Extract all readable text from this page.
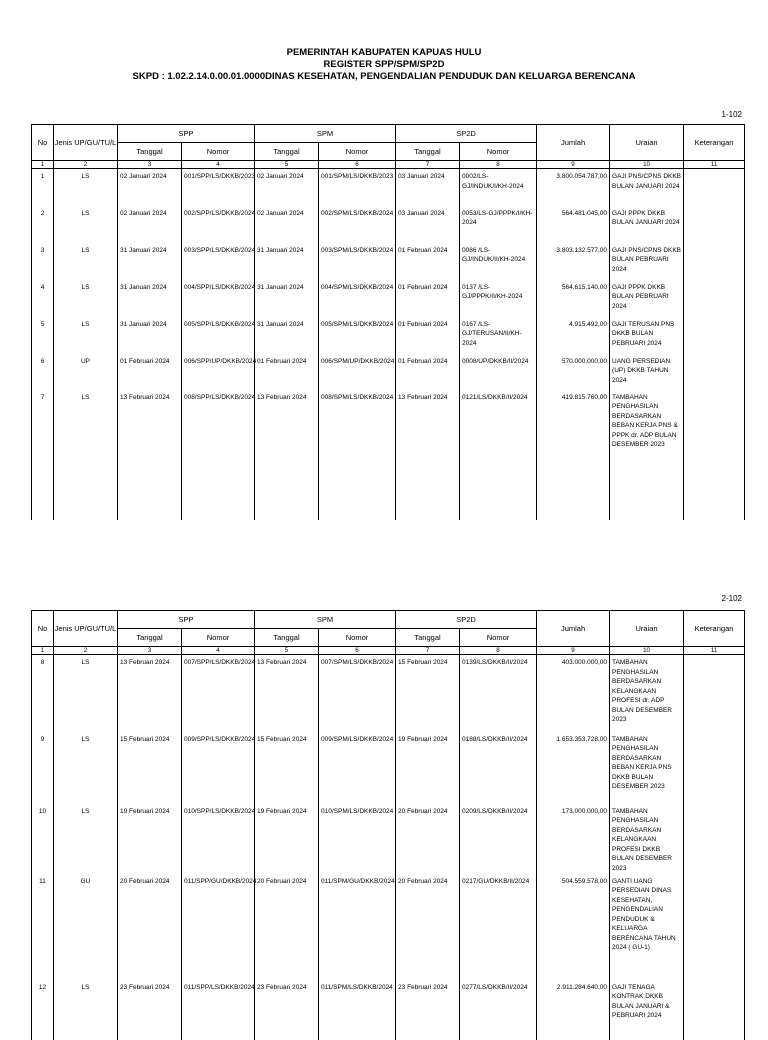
PEMERINTAH KABUPATEN KAPUAS HULU
REGISTER SPP/SPM/SP2D
SKPD : 1.02.2.14.0.00.01.0000DINAS KESEHATAN, PENGENDALIAN PENDUDUK DAN KELUARGA BERENCANA
1-102
No	Jenis UP/GU/TU/L	SPP		SPM		SP2D		Jumlah	Uraian	Keterangan
		Tanggal	Nomor	Tanggal	Nomor	Tanggal	Nomor			
1	2	3	4	5	6	7	8	9	10	11
1	LS	02 Januari 2024	001/SPP/LS/DKKB/2023	02 Januari 2024	001/SPM/LS/DKKB/2023	03 Januari 2024	0002/LS-GJ/INDUK/I/KH-2024	3.800.054.787,00	GAJI PNS/CPNS DKKB BULAN JANUARI 2024	
2	LS	02 Januari 2024	002/SPP/LS/DKKB/2024	02 Januari 2024	002/SPM/LS/DKKB/2024	03 Januari 2024	0053/LS-GJ/PPPK/I/KH-2024	564.481.045,00	GAJI PPPK DKKB BULAN JANUARI 2024	
3	LS	31 Januari 2024	003/SPP/LS/DKKB/2024	31 Januari 2024	003/SPM/LS/DKKB/2024	01 Februari 2024	0086 /LS-GJ/INDUK/II/KH-2024	3.803.132.577,00	GAJI PNS/CPNS DKKB BULAN PEBRUARI 2024	
4	LS	31 Januari 2024	004/SPP/LS/DKKB/2024	31 Januari 2024	004/SPM/LS/DKKB/2024	01 Februari 2024	0137 /LS-GJ/PPPK/II/KH-2024	564.615.140,00	GAJI PPPK DKKB BULAN PEBRUARI 2024	
5	LS	31 Januari 2024	005/SPP/LS/DKKB/2024	31 Januari 2024	005/SPM/LS/DKKB/2024	01 Februari 2024	0167 /LS-GJ/TERUSAN/II/KH-2024	4.915.492,00	GAJI TERUSAN PNS DKKB BULAN PEBRUARI 2024	
6	UP	01 Februari 2024	006/SPP/UP/DKKB/2024	01 Februari 2024	006/SPM/UP/DKKB/2024	01 Februari 2024	0008/UP/DKKB/II/2024	570.000.000,00	UANG PERSEDIAN (UP) DKKB TAHUN 2024	
7	LS	13 Februari 2024	008/SPP/LS/DKKB/2024	13 Februari 2024	008/SPM/LS/DKKB/2024	13 Februari 2024	0121/LS/DKKB/II/2024	419.815.760,00	TAMBAHAN PENGHASILAN BERDASARKAN BEBAN KERJA PNS & PPPK dr. ADP BULAN DESEMBER 2023	
2-102
No	Jenis UP/GU/TU/L	SPP		SPM		SP2D		Jumlah	Uraian	Keterangan
		Tanggal	Nomor	Tanggal	Nomor	Tanggal	Nomor			
1	2	3	4	5	6	7	8	9	10	11
8	LS	13 Februari 2024	007/SPP/LS/DKKB/2024	13 Februari 2024	007/SPM/LS/DKKB/2024	15 Februari 2024	0139/LS/DKKB/II/2024	403.000.000,00	TAMBAHAN PENGHASILAN BERDASARKAN KELANGKAAN PROFESI dr. ADP BULAN DESEMBER 2023	
9	LS	15 Februari 2024	009/SPP/LS/DKKB/2024	15 Februari 2024	009/SPM/LS/DKKB/2024	19 Februari 2024	0188/LS/DKKB/II/2024	1.653.353.728,00	TAMBAHAN PENGHASILAN BERDASARKAN BEBAN KERJA PNS DKKB BULAN DESEMBER 2023	
10	LS	19 Februari 2024	010/SPP/LS/DKKB/2024	19 Februari 2024	010/SPM/LS/DKKB/2024	20 Februari 2024	0209/LS/DKKB/II/2024	173.000.000,00	TAMBAHAN PENGHASILAN BERDASARKAN KELANGKAAN PROFESI DKKB BULAN DESEMBER 2023	
11	GU	20 Februari 2024	011/SPP/GU/DKKB/2024	20 Februari 2024	011/SPM/GU/DKKB/2024	20 Februari 2024	0217/GU/DKKB/II/2024	504.559.578,00	GANTI UANG PERSEDIAN DINAS KESEHATAN, PENGENDALIAN PENDUDUK & KELUARGA BERENCANA TAHUN 2024 ( GU-1)	
12	LS	23 Februari 2024	011/SPP/LS/DKKB/2024	23 Februari 2024	011/SPM/LS/DKKB/2024	23 Februari 2024	0277/LS/DKKB/II/2024	2.911.284.640,00	GAJI TENAGA KONTRAK DKKB BULAN JANUARI & PEBRUARI 2024	
